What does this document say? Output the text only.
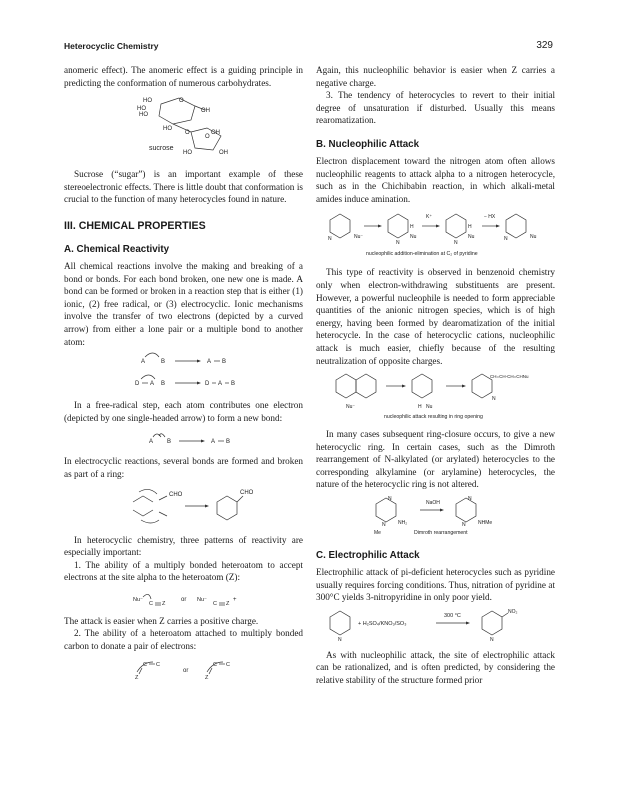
Heterocyclic Chemistry	329

anomeric effect). The anomeric effect is a guiding principle in predicting the conformation of numerous carbohydrates.

HO
HO
HO
HO
OH
O
O
O
OH
HO	OH
sucrose

Sucrose (“sugar”) is an important example of these stereoelectronic effects. There is little doubt that conformation is crucial to the function of many heterocycles found in nature.

III. CHEMICAL PROPERTIES
A. Chemical Reactivity

All chemical reactions involve the making and breaking of a bond or bonds. For each bond broken, one new one is made. A bond can be formed or broken in a reaction step that is either (1) ionic, (2) free radical, or (3) electrocyclic. Ionic mechanisms involve the transfer of two electrons (depicted by a curved arrow) from either a lone pair or a multiple bond to another atom:

A	B	A B
D A B	D A B

In a free-radical step, each atom contributes one electron (depicted by one single-headed arrow) to form a new bond:

A B	A B

In electrocyclic reactions, several bonds are formed and broken as part of a ring:

CHO	CHO

In heterocyclic chemistry, three patterns of reactivity are especially important:

1. The ability of a multiply bonded heteroatom to accept electrons at the site alpha to the heteroatom (Z):

Nu⁻
C Z
or Nu⁻
C Z
+

The attack is easier when Z carries a positive charge.

2. The ability of a heteroatom attached to multiply bonded carbon to donate a pair of electrons:

C C
Z
or
C C
Z

Again, this nucleophilic behavior is easier when Z carries a negative charge.

3. The tendency of heterocycles to revert to their initial degree of unsaturation if disturbed. Usually this means rearomatization.

B. Nucleophilic Attack

Electron displacement toward the nitrogen atom often allows nucleophilic reagents to attack alpha to a nitrogen heterocycle, such as in the Chichibabin reaction, in which alkali-metal amides induce amination.

N	Nu⁻
N
H
Nu
K⁺
N
H
Nu
− HX
N	Nu
nucleophilic addition-elimination at C₂ of pyridine

This type of reactivity is observed in benzenoid chemistry only when electron-withdrawing substituents are present. However, a powerful nucleophile is needed to form appreciable quantities of the anionic nitrogen species, which is of high energy, having been formed by dearomatization of the initial heterocycle. In the case of heterocyclic cations, nucleophilic attack is much easier, chiefly because of the resulting neutralization of opposite charges.

Nu⁻	H Nu
N
CH=CH-CH=CHNu
nucleophilic attack resulting in ring opening

In many cases subsequent ring-closure occurs, to give a new heterocyclic ring. In certain cases, such as the Dimroth rearrangement of N-alkylated (or arylated) heterocycles to the corresponding alkylamine (or arylamine) heterocycles, the nature of the heterocyclic ring is not altered.

N
N NH₂
Me
NaOH
N
N NHMe
Dimroth rearrangement
C. Electrophilic Attack

Electrophilic attack of pi-deficient heterocycles such as pyridine usually requires forcing conditions. Thus, nitration of pyridine at 300°C yields 3-nitropyridine in only poor yield.

N
+ H₂SO₄/KNO₃/SO₃
300 °C
N
NO₂

As with nucleophilic attack, the site of electrophilic attack can be rationalized, and is often predicted, by considering the relative stability of the structure formed prior
